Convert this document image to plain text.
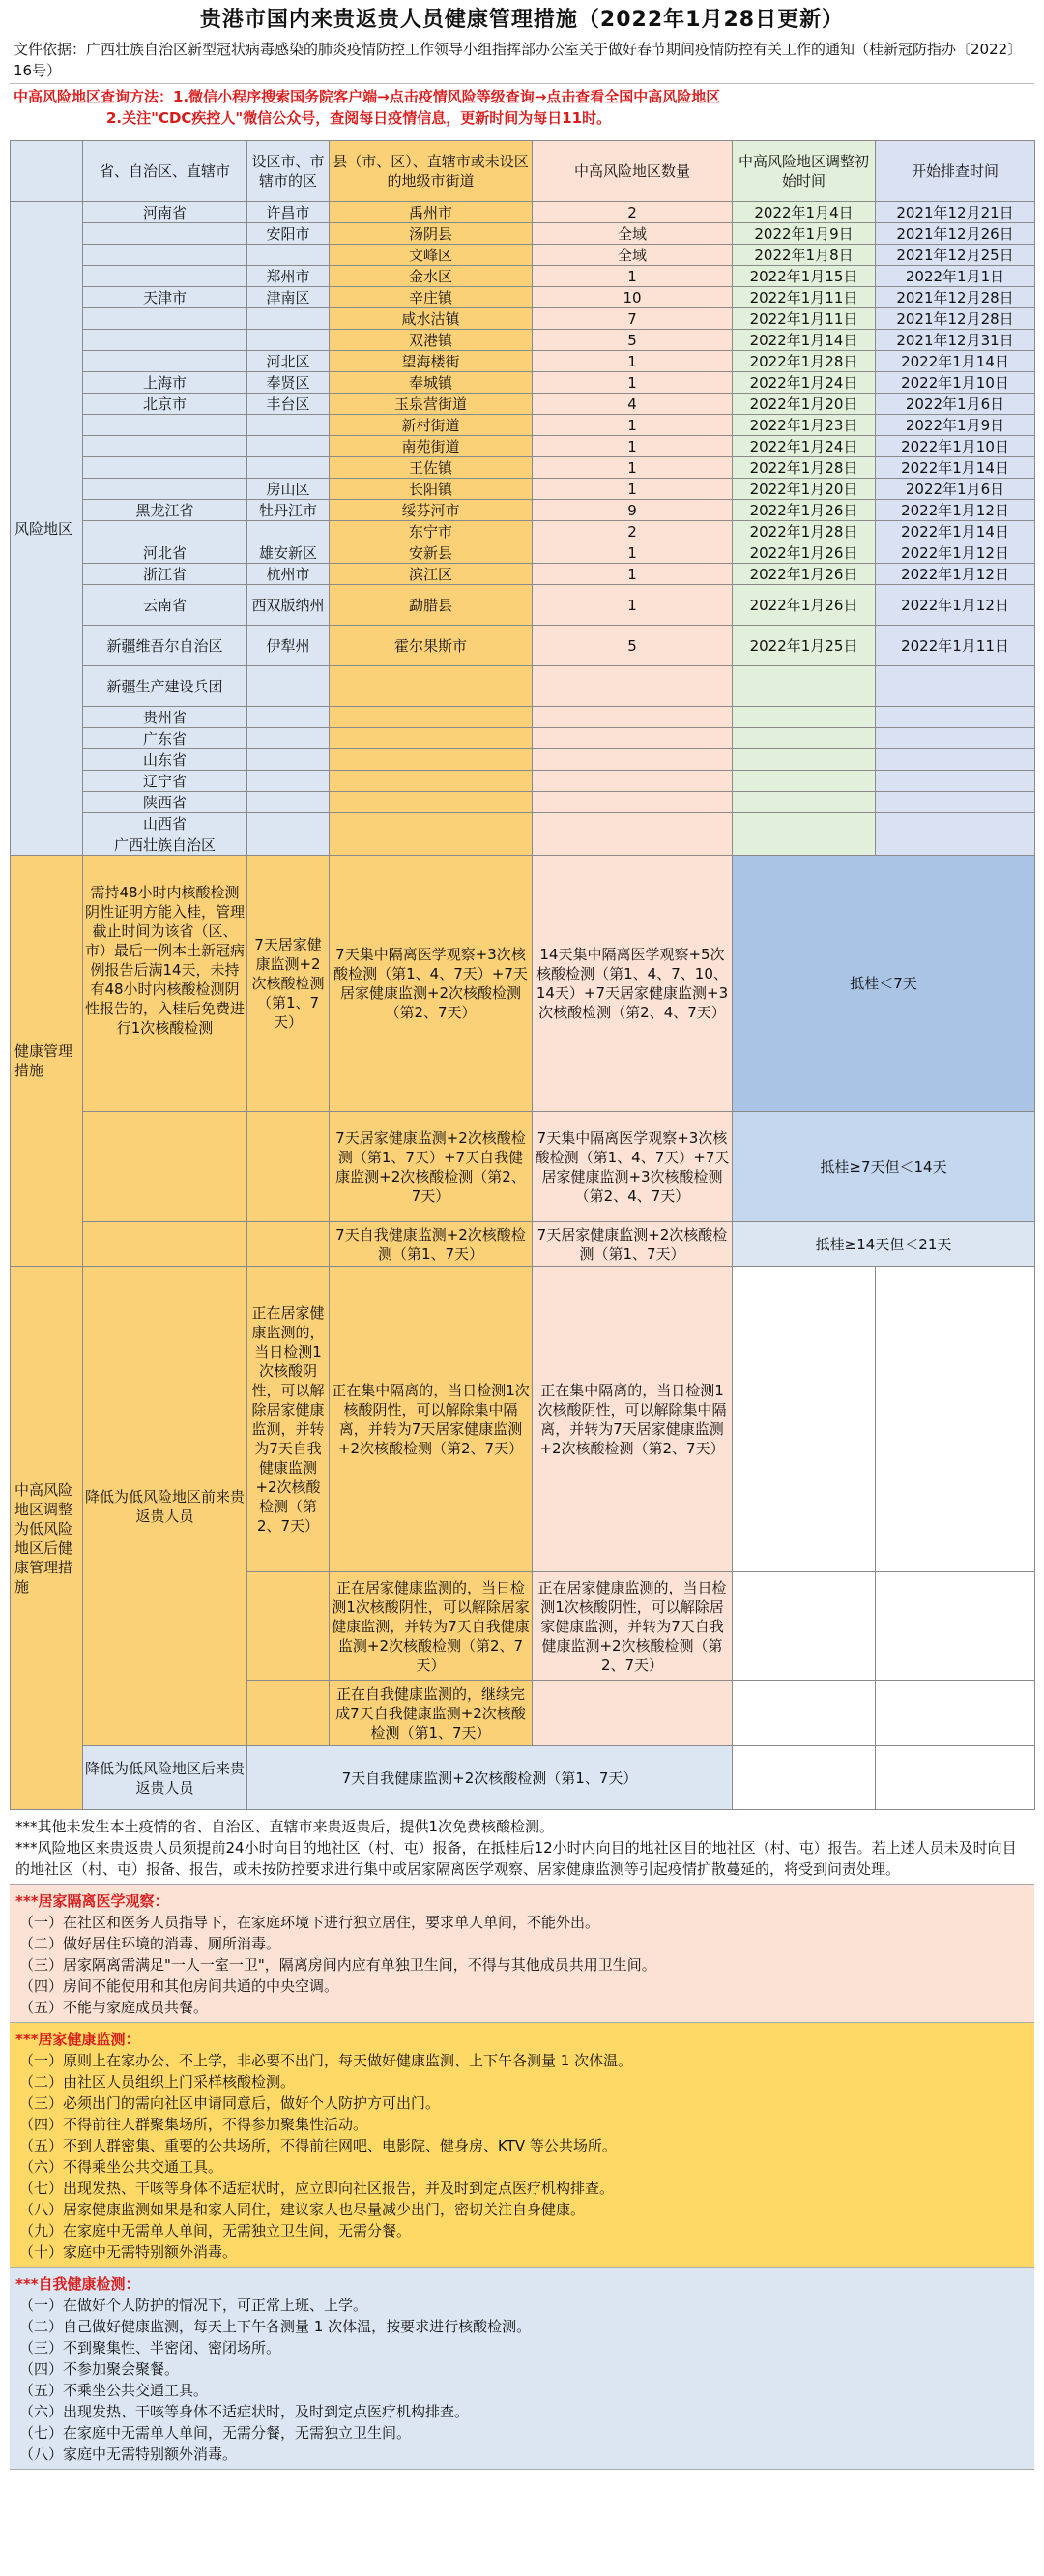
贵港市国内来贵返贵人员健康管理措施（2022年1月28日更新）
文件依据：广西壮族自治区新型冠状病毒感染的肺炎疫情防控工作领导小组指挥部办公室关于做好春节期间疫情防控有关工作的通知（桂新冠防指办〔2022〕16号）
中高风险地区查询方法：1.微信小程序搜索国务院客户端→点击疫情风险等级查询→点击查看全国中高风险地区
2.关注"CDC疾控人"微信公众号，查阅每日疫情信息，更新时间为每日11时。
	省、自治区、直辖市	设区市、市辖市的区	县（市、区）、直辖市或未设区的地级市街道	中高风险地区数量	中高风险地区调整初始时间	开始排查时间
风险地区	河南省	许昌市	禹州市	2	2022年1月4日	2021年12月21日
		安阳市	汤阴县	全域	2022年1月9日	2021年12月26日
			文峰区	全域	2022年1月8日	2021年12月25日
		郑州市	金水区	1	2022年1月15日	2022年1月1日
	天津市	津南区	辛庄镇	10	2022年1月11日	2021年12月28日
			咸水沽镇	7	2022年1月11日	2021年12月28日
			双港镇	5	2022年1月14日	2021年12月31日
		河北区	望海楼街	1	2022年1月28日	2022年1月14日
	上海市	奉贤区	奉城镇	1	2022年1月24日	2022年1月10日
	北京市	丰台区	玉泉营街道	4	2022年1月20日	2022年1月6日
			新村街道	1	2022年1月23日	2022年1月9日
			南苑街道	1	2022年1月24日	2022年1月10日
			王佐镇	1	2022年1月28日	2022年1月14日
		房山区	长阳镇	1	2022年1月20日	2022年1月6日
	黑龙江省	牡丹江市	绥芬河市	9	2022年1月26日	2022年1月12日
			东宁市	2	2022年1月28日	2022年1月14日
	河北省	雄安新区	安新县	1	2022年1月26日	2022年1月12日
	浙江省	杭州市	滨江区	1	2022年1月26日	2022年1月12日
	云南省	西双版纳州	勐腊县	1	2022年1月26日	2022年1月12日
	新疆维吾尔自治区	伊犁州	霍尔果斯市	5	2022年1月25日	2022年1月11日
	新疆生产建设兵团					
	贵州省					
	广东省					
	山东省					
	辽宁省					
	陕西省					
	山西省					
	广西壮族自治区					
健康管理措施	需持48小时内核酸检测阴性证明方能入桂，管理截止时间为该省（区、市）最后一例本土新冠病例报告后满14天，未持有48小时内核酸检测阴性报告的，入桂后免费进行1次核酸检测	7天居家健康监测+2次核酸检测（第1、7天）	7天集中隔离医学观察+3次核酸检测（第1、4、7天）+7天居家健康监测+2次核酸检测（第2、7天）	14天集中隔离医学观察+5次核酸检测（第1、4、7、10、14天）+7天居家健康监测+3次核酸检测（第2、4、7天）	抵桂＜7天	
			7天居家健康监测+2次核酸检测（第1、7天）+7天自我健康监测+2次核酸检测（第2、7天）	7天集中隔离医学观察+3次核酸检测（第1、4、7天）+7天居家健康监测+3次核酸检测（第2、4、7天）	抵桂≥7天但＜14天	
			7天自我健康监测+2次核酸检测（第1、7天）	7天居家健康监测+2次核酸检测（第1、7天）	抵桂≥14天但＜21天	
中高风险地区调整为低风险地区后健康管理措施	降低为低风险地区前来贵返贵人员	正在居家健康监测的，当日检测1次核酸阴性，可以解除居家健康监测，并转为7天自我健康监测+2次核酸检测（第2、7天）	正在集中隔离的，当日检测1次核酸阴性，可以解除集中隔离，并转为7天居家健康监测+2次核酸检测（第2、7天）	正在集中隔离的，当日检测1次核酸阴性，可以解除集中隔离，并转为7天居家健康监测+2次核酸检测（第2、7天）		
			正在居家健康监测的，当日检测1次核酸阴性，可以解除居家健康监测，并转为7天自我健康监测+2次核酸检测（第2、7天）	正在居家健康监测的，当日检测1次核酸阴性，可以解除居家健康监测，并转为7天自我健康监测+2次核酸检测（第2、7天）		
			正在自我健康监测的，继续完成7天自我健康监测+2次核酸检测（第1、7天）			
	降低为低风险地区后来贵返贵人员	7天自我健康监测+2次核酸检测（第1、7天）				
***其他未发生本土疫情的省、自治区、直辖市来贵返贵后，提供1次免费核酸检测。
***风险地区来贵返贵人员须提前24小时向目的地社区（村、屯）报备，在抵桂后12小时内向目的地社区目的地社区（村、屯）报告。若上述人员未及时向目的地社区（村、屯）报备、报告，或未按防控要求进行集中或居家隔离医学观察、居家健康监测等引起疫情扩散蔓延的，将受到问责处理。
***居家隔离医学观察：
（一）在社区和医务人员指导下，在家庭环境下进行独立居住，要求单人单间，不能外出。
（二）做好居住环境的消毒、厕所消毒。
（三）居家隔离需满足"一人一室一卫"，隔离房间内应有单独卫生间，不得与其他成员共用卫生间。
（四）房间不能使用和其他房间共通的中央空调。
（五）不能与家庭成员共餐。
***居家健康监测：
（一）原则上在家办公、不上学，非必要不出门，每天做好健康监测、上下午各测量 1 次体温。
（二）由社区人员组织上门采样核酸检测。
（三）必须出门的需向社区申请同意后，做好个人防护方可出门。
（四）不得前往人群聚集场所，不得参加聚集性活动。
（五）不到人群密集、重要的公共场所，不得前往网吧、电影院、健身房、KTV 等公共场所。
（六）不得乘坐公共交通工具。
（七）出现发热、干咳等身体不适症状时，应立即向社区报告，并及时到定点医疗机构排查。
（八）居家健康监测如果是和家人同住，建议家人也尽量减少出门，密切关注自身健康。
（九）在家庭中无需单人单间，无需独立卫生间，无需分餐。
（十）家庭中无需特别额外消毒。
***自我健康检测：
（一）在做好个人防护的情况下，可正常上班、上学。
（二）自己做好健康监测，每天上下午各测量 1 次体温，按要求进行核酸检测。
（三）不到聚集性、半密闭、密闭场所。
（四）不参加聚会聚餐。
（五）不乘坐公共交通工具。
（六）出现发热、干咳等身体不适症状时，及时到定点医疗机构排查。
（七）在家庭中无需单人单间，无需分餐，无需独立卫生间。
（八）家庭中无需特别额外消毒。
